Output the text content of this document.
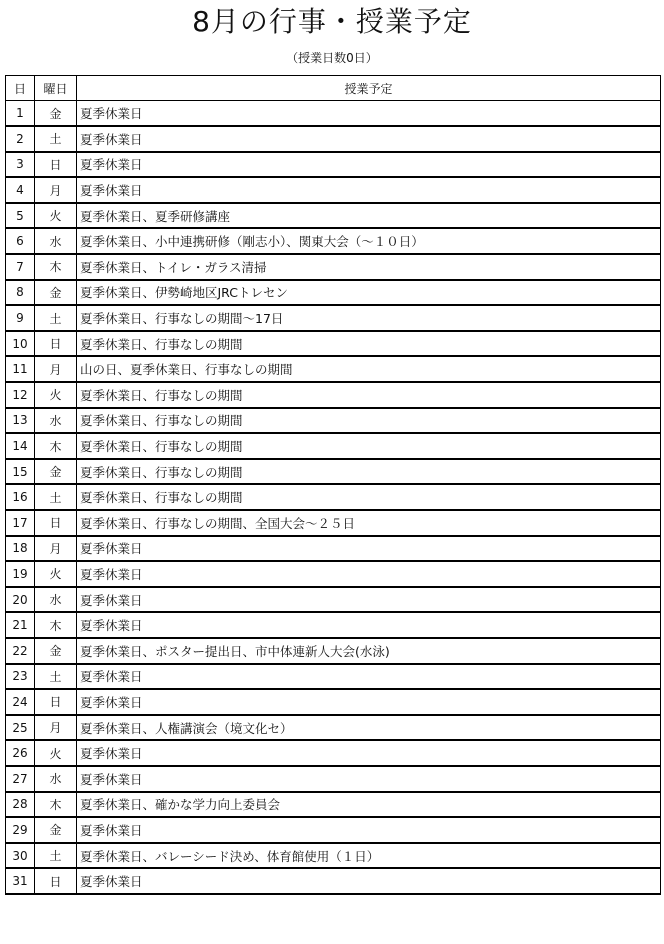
8月の行事・授業予定
（授業日数0日）
日	曜日	授業予定
1	金	夏季休業日
2	土	夏季休業日
3	日	夏季休業日
4	月	夏季休業日
5	火	夏季休業日、夏季研修講座
6	水	夏季休業日、小中連携研修（剛志小）、関東大会（～１０日）
7	木	夏季休業日、トイレ・ガラス清掃
8	金	夏季休業日、伊勢崎地区JRCトレセン
9	土	夏季休業日、行事なしの期間～17日
10	日	夏季休業日、行事なしの期間
11	月	山の日、夏季休業日、行事なしの期間
12	火	夏季休業日、行事なしの期間
13	水	夏季休業日、行事なしの期間
14	木	夏季休業日、行事なしの期間
15	金	夏季休業日、行事なしの期間
16	土	夏季休業日、行事なしの期間
17	日	夏季休業日、行事なしの期間、全国大会～２５日
18	月	夏季休業日
19	火	夏季休業日
20	水	夏季休業日
21	木	夏季休業日
22	金	夏季休業日、ポスター提出日、市中体連新人大会(水泳)
23	土	夏季休業日
24	日	夏季休業日
25	月	夏季休業日、人権講演会（境文化セ）
26	火	夏季休業日
27	水	夏季休業日
28	木	夏季休業日、確かな学力向上委員会
29	金	夏季休業日
30	土	夏季休業日、バレーシード決め、体育館使用（１日）
31	日	夏季休業日
